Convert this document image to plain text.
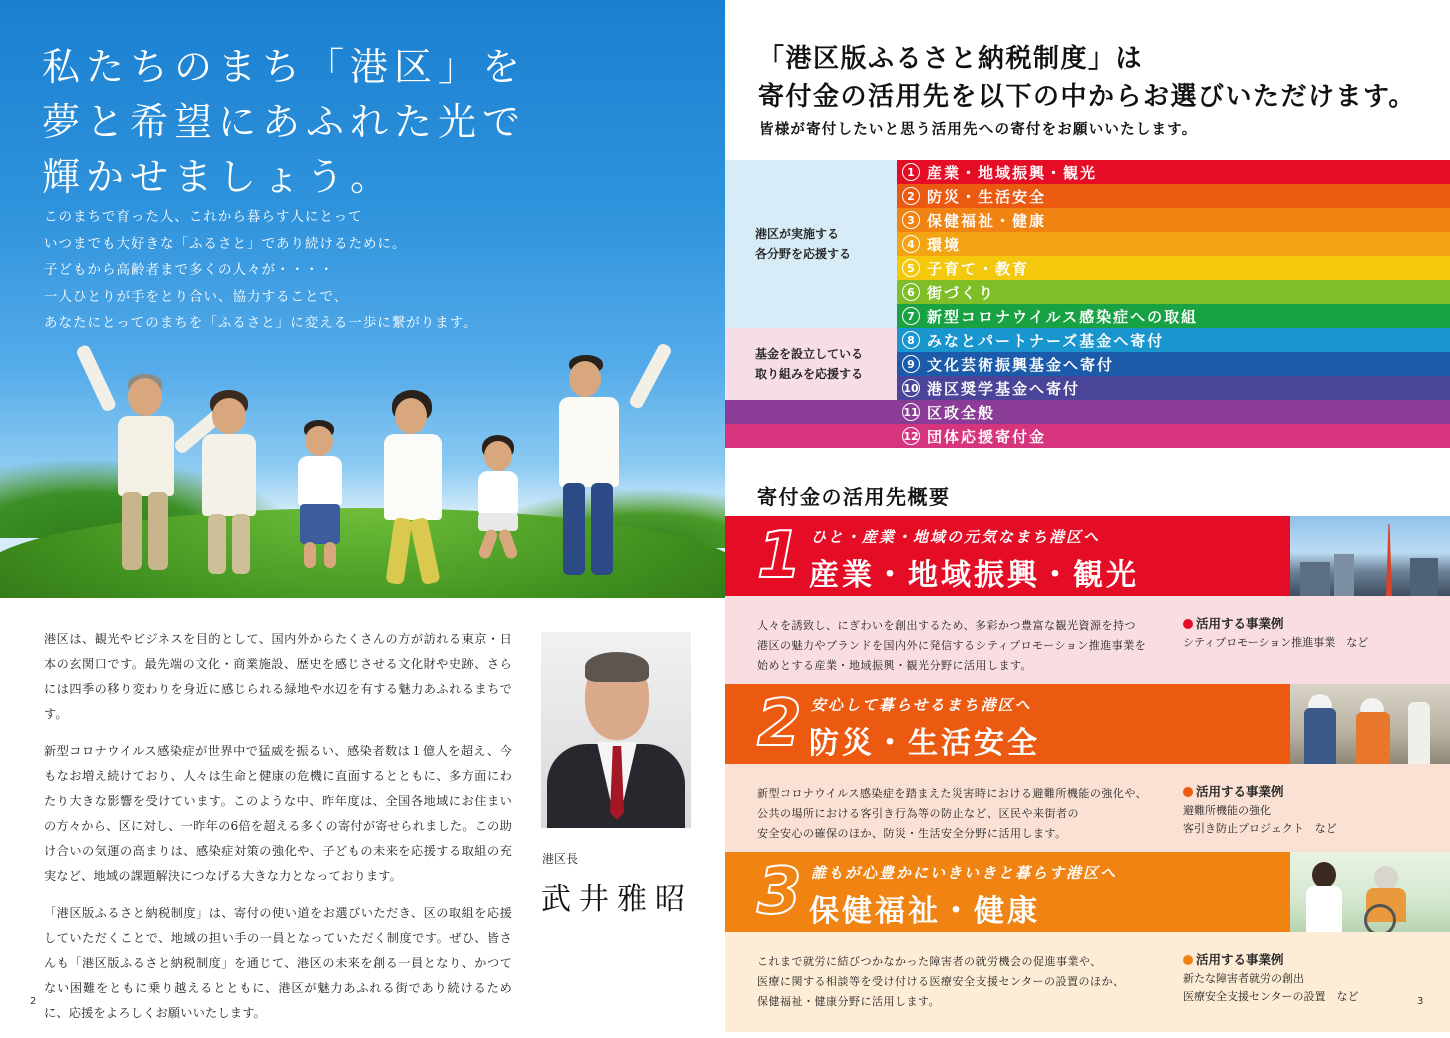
私たちのまち「港区」を
夢と希望にあふれた光で
輝かせましょう。
このまちで育った人、これから暮らす人にとって
いつまでも大好きな「ふるさと」であり続けるために。
子どもから高齢者まで多くの人々が・・・・
一人ひとりが手をとり合い、協力することで、
あなたにとってのまちを「ふるさと」に変える一歩に繋がります。

港区は、観光やビジネスを目的として、国内外からたくさんの方が訪れる東京・日本の玄関口です。最先端の文化・商業施設、歴史を感じさせる文化財や史跡、さらには四季の移り変わりを身近に感じられる緑地や水辺を有する魅力あふれるまちです。

新型コロナウイルス感染症が世界中で猛威を振るい、感染者数は１億人を超え、今もなお増え続けており、人々は生命と健康の危機に直面するとともに、多方面にわたり大きな影響を受けています。このような中、昨年度は、全国各地域にお住まいの方々から、区に対し、一昨年の6倍を超える多くの寄付が寄せられました。この助け合いの気運の高まりは、感染症対策の強化や、子どもの未来を応援する取組の充実など、地域の課題解決につなげる大きな力となっております。

「港区版ふるさと納税制度」は、寄付の使い道をお選びいただき、区の取組を応援していただくことで、地域の担い手の一員となっていただく制度です。ぜひ、皆さんも「港区版ふるさと納税制度」を通じて、港区の未来を創る一員となり、かつてない困難をともに乗り越えるとともに、港区が魅力あふれる街であり続けるために、応援をよろしくお願いいたします。

港区長
武井雅昭
2
「港区版ふるさと納税制度」は
寄付金の活用先を以下の中からお選びいただけます。
皆様が寄付したいと思う活用先への寄付をお願いいたします。
港区が実施する
各分野を応援する
基金を設立している
取り組みを応援する
1 産業・地域振興・観光
2 防災・生活安全
3 保健福祉・健康
4 環境
5 子育て・教育
6 街づくり
7 新型コロナウイルス感染症への取組
8 みなとパートナーズ基金へ寄付
9 文化芸術振興基金へ寄付
10 港区奨学基金へ寄付
11 区政全般
12 団体応援寄付金
寄付金の活用先概要
1 ひと・産業・地域の元気なまち港区へ
産業・地域振興・観光
人々を誘致し、にぎわいを創出するため、多彩かつ豊富な観光資源を持つ
港区の魅力やブランドを国内外に発信するシティプロモーション推進事業を
始めとする産業・地域振興・観光分野に活用します。
活用する事業例
シティプロモーション推進事業　など
2 安心して暮らせるまち港区へ
防災・生活安全
新型コロナウイルス感染症を踏まえた災害時における避難所機能の強化や、
公共の場所における客引き行為等の防止など、区民や来街者の
安全安心の確保のほか、防災・生活安全分野に活用します。
活用する事業例
避難所機能の強化
客引き防止プロジェクト　など
3 誰もが心豊かにいきいきと暮らす港区へ
保健福祉・健康
これまで就労に結びつかなかった障害者の就労機会の促進事業や、
医療に関する相談等を受け付ける医療安全支援センターの設置のほか、
保健福祉・健康分野に活用します。
活用する事業例
新たな障害者就労の創出
医療安全支援センターの設置　など	3
